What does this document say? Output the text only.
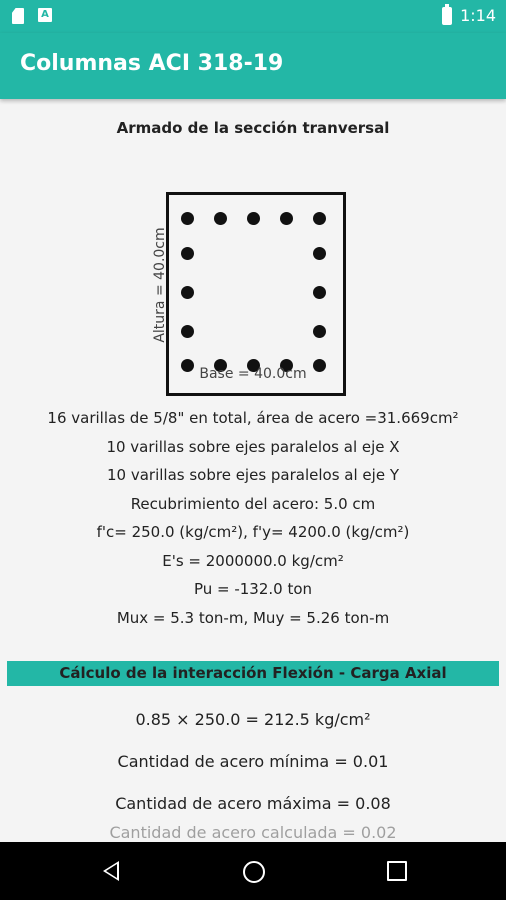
A	1:14
Columnas ACI 318-19
Armado de la sección tranversal
Altura = 40.0cm
Base = 40.0cm

16 varillas de 5/8" en total, área de acero =31.669cm²

10 varillas sobre ejes paralelos al eje X

10 varillas sobre ejes paralelos al eje Y

Recubrimiento del acero: 5.0 cm

f'c= 250.0 (kg/cm²), f'y= 4200.0 (kg/cm²)

E's = 2000000.0 kg/cm²

Pu = -132.0 ton

Mux = 5.3 ton-m, Muy = 5.26 ton-m

Cálculo de la interacción Flexión - Carga Axial

0.85 × 250.0 = 212.5 kg/cm²

Cantidad de acero mínima = 0.01

Cantidad de acero máxima = 0.08

Cantidad de acero calculada = 0.02
